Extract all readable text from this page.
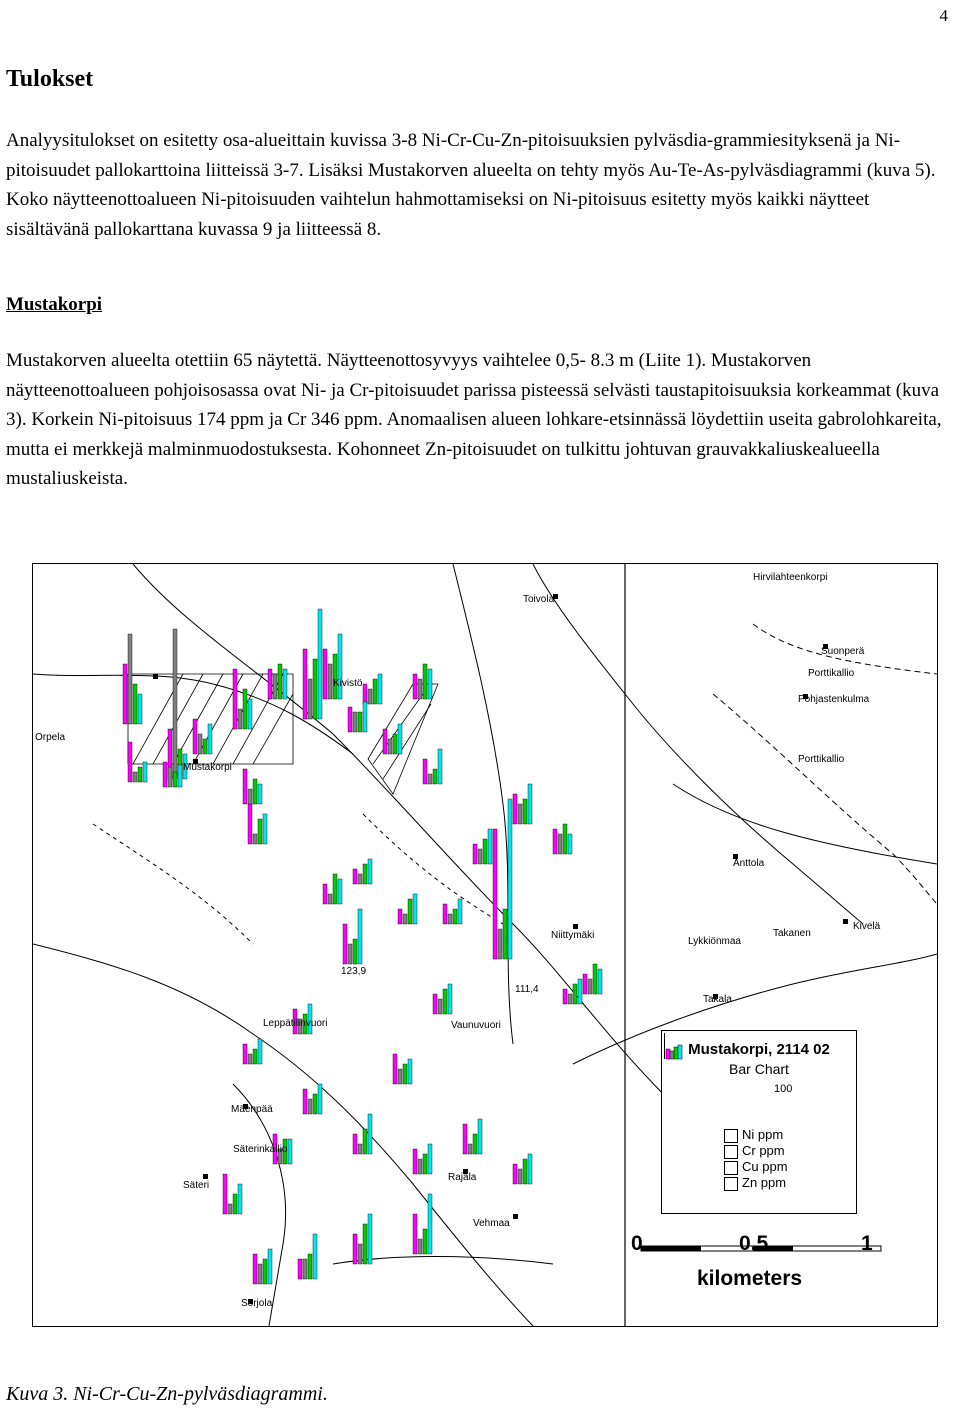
4
Tulokset

Analyysitulokset on esitetty osa-alueittain kuvissa 3-8 Ni-Cr-Cu-Zn-pitoisuuksien pylväsdia-grammiesityksenä ja Ni-pitoisuudet pallokarttoina liitteissä 3-7. Lisäksi Mustakorven alueelta on tehty myös Au-Te-As-pylväsdiagrammi (kuva 5). Koko näytteenottoalueen Ni-pitoisuuden vaihtelun hahmottamiseksi on Ni-pitoisuus esitetty myös kaikki näytteet sisältävänä pallokarttana kuvassa 9 ja liitteessä 8.

Mustakorpi

Mustakorven alueelta otettiin 65 näytettä. Näytteenottosyvyys vaihtelee 0,5- 8.3 m (Liite 1). Mustakorven näytteenottoalueen pohjoisosassa ovat Ni- ja Cr-pitoisuudet parissa pisteessä selvästi taustapitoisuuksia korkeammat (kuva 3). Korkein Ni-pitoisuus 174 ppm ja Cr 346 ppm. Anomaalisen alueen lohkare-etsinnässä löydettiin useita gabrolohkareita, mutta ei merkkejä malminmuodostuksesta. Kohonneet Zn-pitoisuudet on tulkittu johtuvan grauvakkaliuskealueella mustaliuskeista.

Toivola
Hirvilahteenkorpi
Suonperä
Porttikallio
Pohjastenkulma
Mustakorpi
Orpela
Porttikallio
Anttola
Kivelä
Niittymäki
Lykkiönmaa
Takanen
Takala
Vaunuvuori
Leppätilinvuori
Mäenpää
Säterinkallio
Säteri
Rajala
Vehmaa
Sorjola
Kivistö
123,9
111,4
Mustakorpi, 2114 02
Bar Chart
100
Ni ppm
Cr ppm
Cu ppm
Zn ppm
0	0.5	1
kilometers

Kuva 3. Ni-Cr-Cu-Zn-pylväsdiagrammi.
